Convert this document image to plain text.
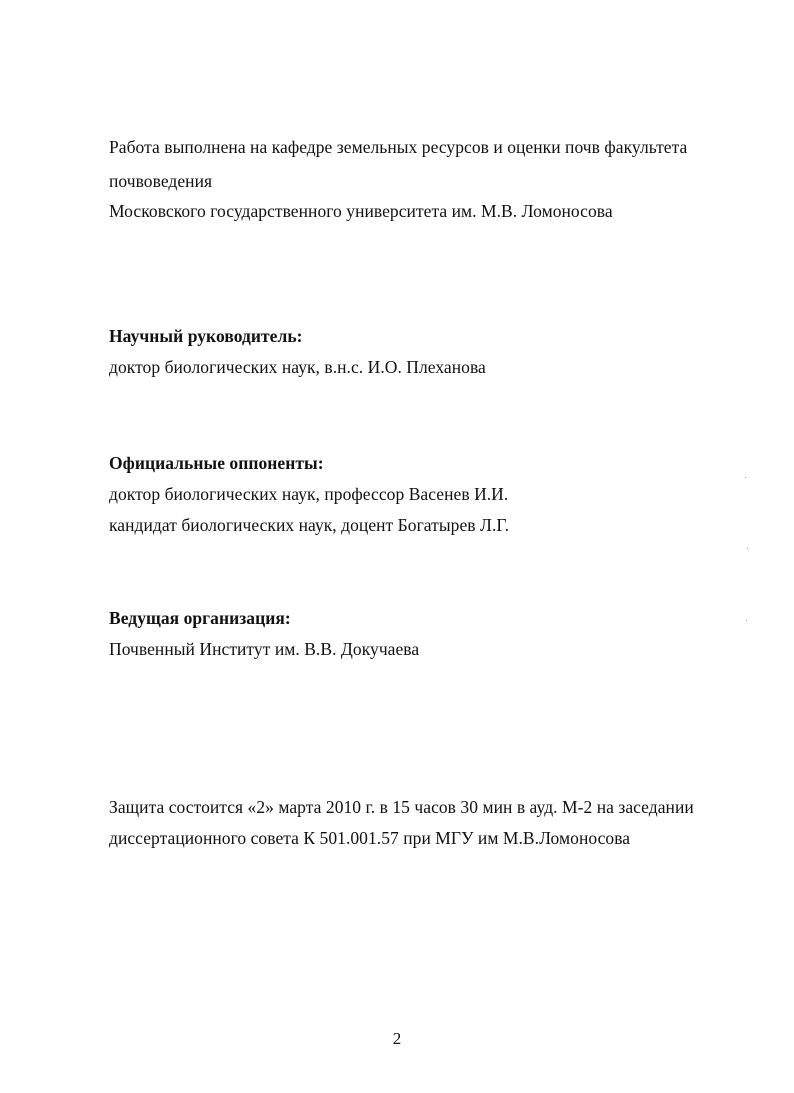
Работа выполнена на кафедре земельных ресурсов и оценки почв факультета
почвоведения
Московского государственного университета им. М.В. Ломоносова
Научный руководитель:
доктор биологических наук, в.н.с. И.О. Плеханова
Официальные оппоненты:
доктор биологических наук, профессор Васенев И.И.
кандидат биологических наук, доцент Богатырев Л.Г.
Ведущая организация:
Почвенный Институт им. В.В. Докучаева
Защита состоится «2» марта 2010 г. в 15 часов 30 мин в ауд. М-2 на заседании
диссертационного совета К 501.001.57 при МГУ им М.В.Ломоносова
2
·
·
·
